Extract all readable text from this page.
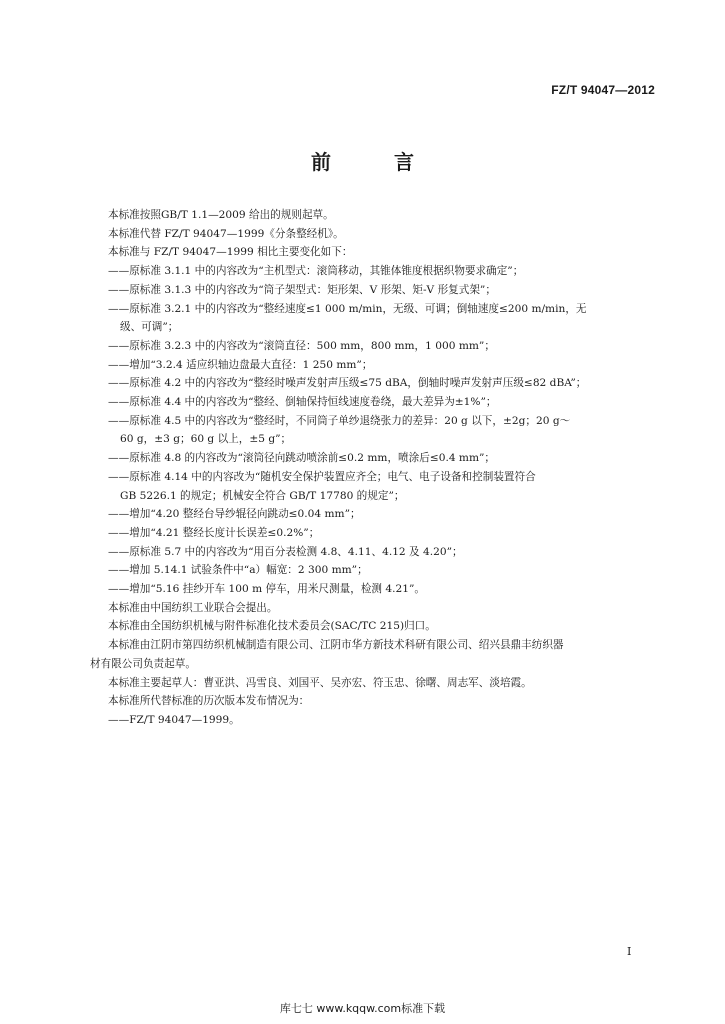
FZ/T 94047—2012
前 言

本标准按照GB/T 1.1—2009 给出的规则起草。

本标准代替 FZ/T 94047—1999《分条整经机》。

本标准与 FZ/T 94047—1999 相比主要变化如下：

——原标准 3.1.1 中的内容改为“主机型式：滚筒移动，其锥体锥度根据织物要求确定”；

——原标准 3.1.3 中的内容改为“筒子架型式：矩形架、V 形架、矩-V 形复式架”；

——原标准 3.2.1 中的内容改为“整经速度≤1 000 m/min，无级、可调；倒轴速度≤200 m/min，无

级、可调”；

——原标准 3.2.3 中的内容改为“滚筒直径：500 mm，800 mm，1 000 mm”；

——增加“3.2.4 适应织轴边盘最大直径：1 250 mm”；

——原标准 4.2 中的内容改为“整经时噪声发射声压级≤75 dBA，倒轴时噪声发射声压级≤82 dBA”；

——原标准 4.4 中的内容改为“整经、倒轴保持恒线速度卷绕，最大差异为±1%”；

——原标准 4.5 中的内容改为“整经时，不同筒子单纱退绕张力的差异：20 g 以下，±2g；20 g～

60 g，±3 g；60 g 以上，±5 g”；

——原标准 4.8 的内容改为“滚筒径向跳动喷涂前≤0.2 mm，喷涂后≤0.4 mm”；

——原标准 4.14 中的内容改为“随机安全保护装置应齐全；电气、电子设备和控制装置符合

GB 5226.1 的规定；机械安全符合 GB/T 17780 的规定”；

——增加“4.20 整经台导纱辊径向跳动≤0.04 mm”；

——增加“4.21 整经长度计长误差≤0.2%”；

——原标准 5.7 中的内容改为“用百分表检测 4.8、4.11、4.12 及 4.20”；

——增加 5.14.1 试验条件中“a）幅宽：2 300 mm”；

——增加“5.16 挂纱开车 100 m 停车，用米尺测量，检测 4.21”。

本标准由中国纺织工业联合会提出。

本标准由全国纺织机械与附件标准化技术委员会(SAC/TC 215)归口。

本标准由江阴市第四纺织机械制造有限公司、江阴市华方新技术科研有限公司、绍兴县鼎丰纺织器
材有限公司负责起草。

本标准主要起草人：曹亚洪、冯雪良、刘国平、吴亦宏、符玉忠、徐曙、周志军、淡培霞。

本标准所代替标准的历次版本发布情况为：

——FZ/T 94047—1999。

I
库七七 www.kqqw.com标准下载
